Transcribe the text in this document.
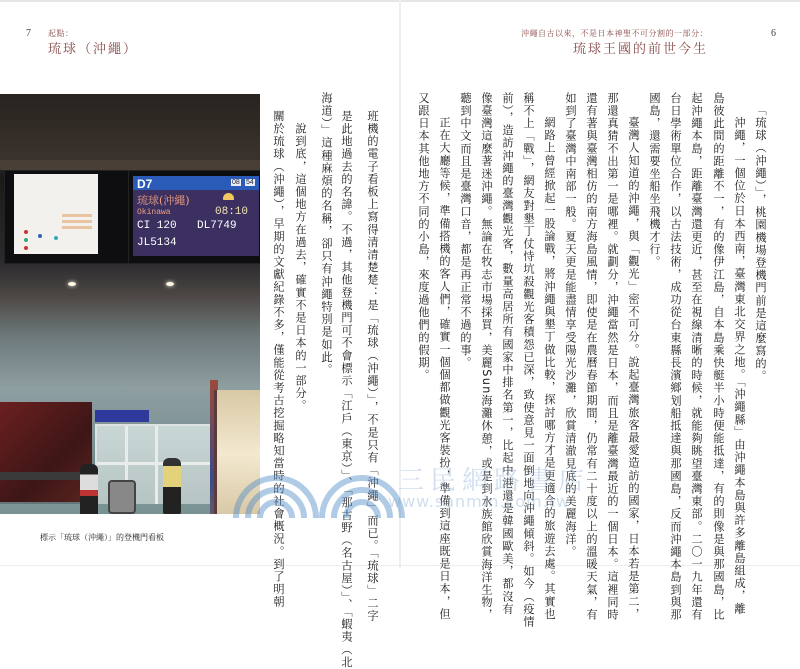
7 起點：
琉球（沖繩）
沖繩自古以來，不是日本神聖不可分割的一部分：
琉球王國的前世今生
6
D7	08 54
琉球(沖繩)
Okinawa	08:10
CI 120 DL7749
JL5134
標示「琉球（沖繩）」的登機門看板	班機的電子看板上寫得清清楚楚：是「琉球（沖繩）」，不是只有「沖繩」而已。「琉球」二字
是此地過去的名諱。不過，其他登機門可不會標示「江戶（東京）」、「那古野（名古屋）」、「蝦夷（北
海道）」這種麻煩的名稱，卻只有沖繩特別是如此。
　說到底，這個地方在過去，確實不是日本的一部分。
關於琉球（沖繩），早期的文獻紀錄不多，僅能從考古挖掘略知當時的社會概況。到了明朝	「琉球（沖繩）」，桃園機場登機門前是這麼寫的。
　沖繩，一個位於日本西南，臺灣東北交界之地。「沖繩縣」由沖繩本島與許多離島組成，離
島彼此間的距離不一，有的像伊江島，自本島乘快艇半小時便能抵達，有的則像是與那國島，比
起沖繩本島，距離臺灣還更近，甚至在視線清晰的時候，就能夠眺望臺灣東部。二〇一九年還有
台日學術單位合作，以古法技術，成功從台東縣長濱鄉划船抵達與那國島，反而沖繩本島到與那
國島，還需要坐船坐飛機才行。
　臺灣人知道的沖繩，與「觀光」密不可分。說起臺灣旅客最愛造訪的國家，日本若是第二，
那還真猜不出第一是哪裡。就劃分，沖繩當然是日本，而且是離臺灣最近的一個日本。這裡同時
還有著與臺灣相仿的南方海島風情，即使是在農曆春節期間，仍常有二十度以上的溫暖天氣，有
如到了臺灣中南部一般。夏天更是能盡情享受陽光沙灘，欣賞清澈見底的美麗海洋。
　網路上曾經掀起一股論戰，將沖繩與墾丁做比較，探討哪方才是更適合的旅遊去處。其實也
稱不上「戰」，網友對墾丁仗恃坑殺觀光客積怨已深，致使意見一面倒地向沖繩傾斜。如今（疫情
前），造訪沖繩的臺灣觀光客，數量高居所有國家中排名第一，比起中港還是韓國歐美，都沒有
像臺灣這麼著迷沖繩。無論在牧志市場採買，美麗Sun海灘休憩，或是到水族館欣賞海洋生物，
聽到中文而且是臺灣口音，都是再正常不過的事。
　正在大廳等候，準備搭機的客人們，確實一個個都做觀光客裝扮，準備到這座既是日本，但
又跟日本其他地方不同的小島，來度過他們的假期。
三民網路書店
www.sanmin.com.tw
